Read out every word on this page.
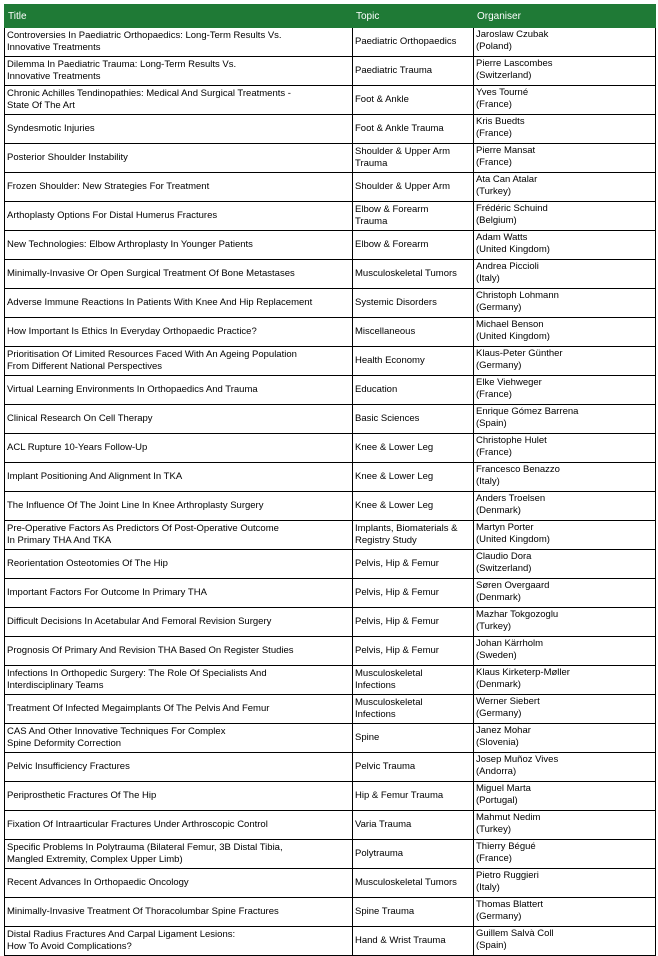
Title	Topic	Organiser

Controversies In Paediatric Orthopaedics: Long-Term Results Vs.
Innovative Treatments	Paediatric Orthopaedics	Jaroslaw Czubak
(Poland)

Dilemma In Paediatric Trauma: Long-Term Results Vs.
Innovative Treatments	Paediatric Trauma	Pierre Lascombes
(Switzerland)

Chronic Achilles Tendinopathies: Medical And Surgical Treatments -
State Of The Art	Foot & Ankle	Yves Tourné
(France)

Syndesmotic Injuries	Foot & Ankle Trauma	Kris Buedts
(France)

Posterior Shoulder Instability	Shoulder & Upper Arm
Trauma	Pierre Mansat
(France)

Frozen Shoulder: New Strategies For Treatment	Shoulder & Upper Arm	Ata Can Atalar
(Turkey)

Arthoplasty Options For Distal Humerus Fractures	Elbow & Forearm
Trauma	Frédéric Schuind
(Belgium)

New Technologies: Elbow Arthroplasty In Younger Patients	Elbow & Forearm	Adam Watts
(United Kingdom)

Minimally-Invasive Or Open Surgical Treatment Of Bone Metastases	Musculoskeletal Tumors	Andrea Piccioli
(Italy)

Adverse Immune Reactions In Patients With Knee And Hip Replacement	Systemic Disorders	Christoph Lohmann
(Germany)

How Important Is Ethics In Everyday Orthopaedic Practice?	Miscellaneous	Michael Benson
(United Kingdom)

Prioritisation Of Limited Resources Faced With An Ageing Population
From Different National Perspectives	Health Economy	Klaus-Peter Günther
(Germany)

Virtual Learning Environments In Orthopaedics And Trauma	Education	Elke Viehweger
(France)

Clinical Research On Cell Therapy	Basic Sciences	Enrique Gómez Barrena
(Spain)

ACL Rupture 10-Years Follow-Up	Knee & Lower Leg	Christophe Hulet
(France)

Implant Positioning And Alignment In TKA	Knee & Lower Leg	Francesco Benazzo
(Italy)

The Influence Of The Joint Line In Knee Arthroplasty Surgery	Knee & Lower Leg	Anders Troelsen
(Denmark)

Pre-Operative Factors As Predictors Of Post-Operative Outcome
In Primary THA And TKA	Implants, Biomaterials &
Registry Study	Martyn Porter
(United Kingdom)

Reorientation Osteotomies Of The Hip	Pelvis, Hip & Femur	Claudio Dora
(Switzerland)

Important Factors For Outcome In Primary THA	Pelvis, Hip & Femur	Søren Overgaard
(Denmark)

Difficult Decisions In Acetabular And Femoral Revision Surgery	Pelvis, Hip & Femur	Mazhar Tokgozoglu
(Turkey)

Prognosis Of Primary And Revision THA Based On Register Studies	Pelvis, Hip & Femur	Johan Kärrholm
(Sweden)

Infections In Orthopedic Surgery: The Role Of Specialists And
Interdisciplinary Teams	Musculoskeletal
Infections	Klaus Kirketerp-Møller
(Denmark)

Treatment Of Infected Megaimplants Of The Pelvis And Femur	Musculoskeletal
Infections	Werner Siebert
(Germany)

CAS And Other Innovative Techniques For Complex
Spine Deformity Correction	Spine	Janez Mohar
(Slovenia)

Pelvic Insufficiency Fractures	Pelvic Trauma	Josep Muñoz Vives
(Andorra)

Periprosthetic Fractures Of The Hip	Hip & Femur Trauma	Miguel Marta
(Portugal)

Fixation Of Intraarticular Fractures Under Arthroscopic Control	Varia Trauma	Mahmut Nedim
(Turkey)

Specific Problems In Polytrauma (Bilateral Femur, 3B Distal Tibia,
Mangled Extremity, Complex Upper Limb)	Polytrauma	Thierry Bégué
(France)

Recent Advances In Orthopaedic Oncology	Musculoskeletal Tumors	Pietro Ruggieri
(Italy)

Minimally-Invasive Treatment Of Thoracolumbar Spine Fractures	Spine Trauma	Thomas Blattert
(Germany)

Distal Radius Fractures And Carpal Ligament Lesions:
How To Avoid Complications?	Hand & Wrist Trauma	Guillem Salvà Coll
(Spain)
